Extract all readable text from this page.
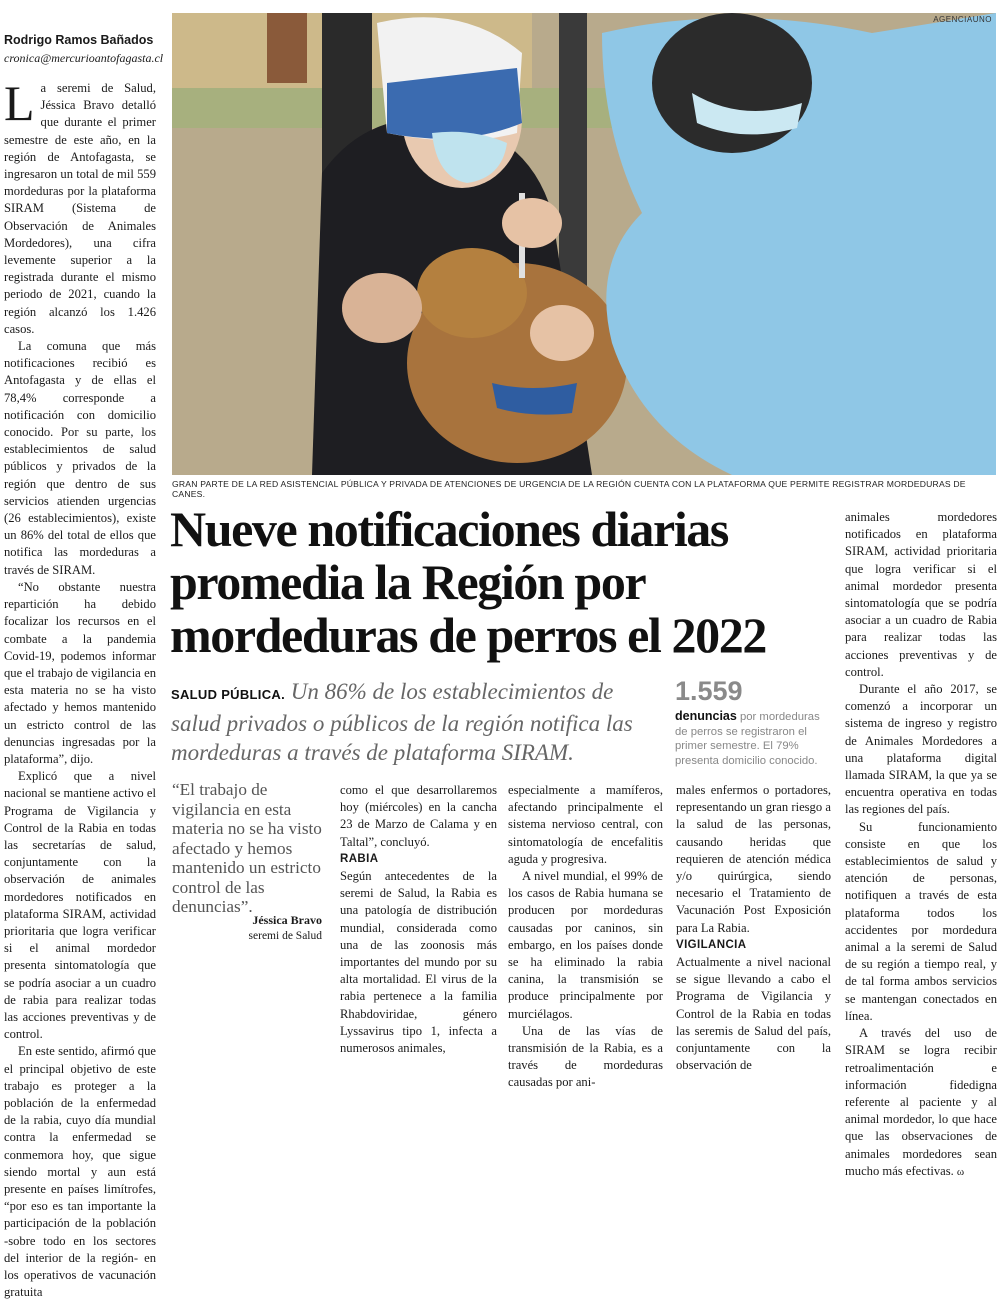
Rodrigo Ramos Bañados
cronica@mercurioantofagasta.cl

La seremi de Salud, Jéssica Bravo detalló que durante el primer semestre de este año, en la región de Antofagasta, se ingresaron un total de mil 559 mordeduras por la plataforma SIRAM (Sistema de Observación de Animales Mordedores), una cifra levemente superior a la registrada durante el mismo periodo de 2021, cuando la región alcanzó los 1.426 casos.

La comuna que más notificaciones recibió es Antofagasta y de ellas el 78,4% corresponde a notificación con domicilio conocido. Por su parte, los establecimientos de salud públicos y privados de la región que dentro de sus servicios atienden urgencias (26 establecimientos), existe un 86% del total de ellos que notifica las mordeduras a través de SIRAM.

“No obstante nuestra repartición ha debido focalizar los recursos en el combate a la pandemia Covid-19, podemos informar que el trabajo de vigilancia en esta materia no se ha visto afectado y hemos mantenido un estricto control de las denuncias ingresadas por la plataforma”, dijo.

Explicó que a nivel nacional se mantiene activo el Programa de Vigilancia y Control de la Rabia en todas las secretarías de salud, conjuntamente con la observación de animales mordedores notificados en plataforma SIRAM, actividad prioritaria que logra verificar si el animal mordedor presenta sintomatología que se podría asociar a un cuadro de rabia para realizar todas las acciones preventivas y de control.

En este sentido, afirmó que el principal objetivo de este trabajo es proteger a la población de la enfermedad de la rabia, cuyo día mundial contra la enfermedad se conmemora hoy, que sigue siendo mortal y aun está presente en países limítrofes, “por eso es tan importante la participación de la población -sobre todo en los sectores del interior de la región- en los operativos de vacunación gratuita

AGENCIAUNO
GRAN PARTE DE LA RED ASISTENCIAL PÚBLICA Y PRIVADA DE ATENCIONES DE URGENCIA DE LA REGIÓN CUENTA CON LA PLATAFORMA QUE PERMITE REGISTRAR MORDEDURAS DE CANES.
Nueve notificaciones diarias promedia la Región por mordeduras de perros el 2022
SALUD PÚBLICA. Un 86% de los establecimientos de salud privados o públicos de la región notifica las mordeduras a través de plataforma SIRAM.
1.559
denuncias por mordeduras de perros se registraron el primer semestre. El 79% presenta domicilio conocido.
“El trabajo de vigilancia en esta materia no se ha visto afectado y hemos mantenido un estricto control de las denuncias”.
Jéssica Bravo
seremi de Salud

como el que desarrollaremos hoy (miércoles) en la cancha 23 de Marzo de Calama y en Taltal”, concluyó.

RABIA

Según antecedentes de la seremi de Salud, la Rabia es una patología de distribución mundial, considerada como una de las zoonosis más importantes del mundo por su alta mortalidad. El virus de la rabia pertenece a la familia Rhabdoviridae, género Lyssavirus tipo 1, infecta a numerosos animales,

especialmente a mamíferos, afectando principalmente el sistema nervioso central, con sintomatología de encefalitis aguda y progresiva.

A nivel mundial, el 99% de los casos de Rabia humana se producen por mordeduras causadas por caninos, sin embargo, en los países donde se ha eliminado la rabia canina, la transmisión se produce principalmente por murciélagos.

Una de las vías de transmisión de la Rabia, es a través de mordeduras causadas por ani-

males enfermos o portadores, representando un gran riesgo a la salud de las personas, causando heridas que requieren de atención médica y/o quirúrgica, siendo necesario el Tratamiento de Vacunación Post Exposición para La Rabia.

VIGILANCIA

Actualmente a nivel nacional se sigue llevando a cabo el Programa de Vigilancia y Control de la Rabia en todas las seremis de Salud del país, conjuntamente con la observación de

animales mordedores notificados en plataforma SIRAM, actividad prioritaria que logra verificar si el animal mordedor presenta sintomatología que se podría asociar a un cuadro de Rabia para realizar todas las acciones preventivas y de control.

Durante el año 2017, se comenzó a incorporar un sistema de ingreso y registro de Animales Mordedores a una plataforma digital llamada SIRAM, la que ya se encuentra operativa en todas las regiones del país.

Su funcionamiento consiste en que los establecimientos de salud y atención de personas, notifiquen a través de esta plataforma todos los accidentes por mordedura animal a la seremi de Salud de su región a tiempo real, y de tal forma ambos servicios se mantengan conectados en línea.

A través del uso de SIRAM se logra recibir retroalimentación e información fidedigna referente al paciente y al animal mordedor, lo que hace que las observaciones de animales mordedores sean mucho más efectivas. ω
